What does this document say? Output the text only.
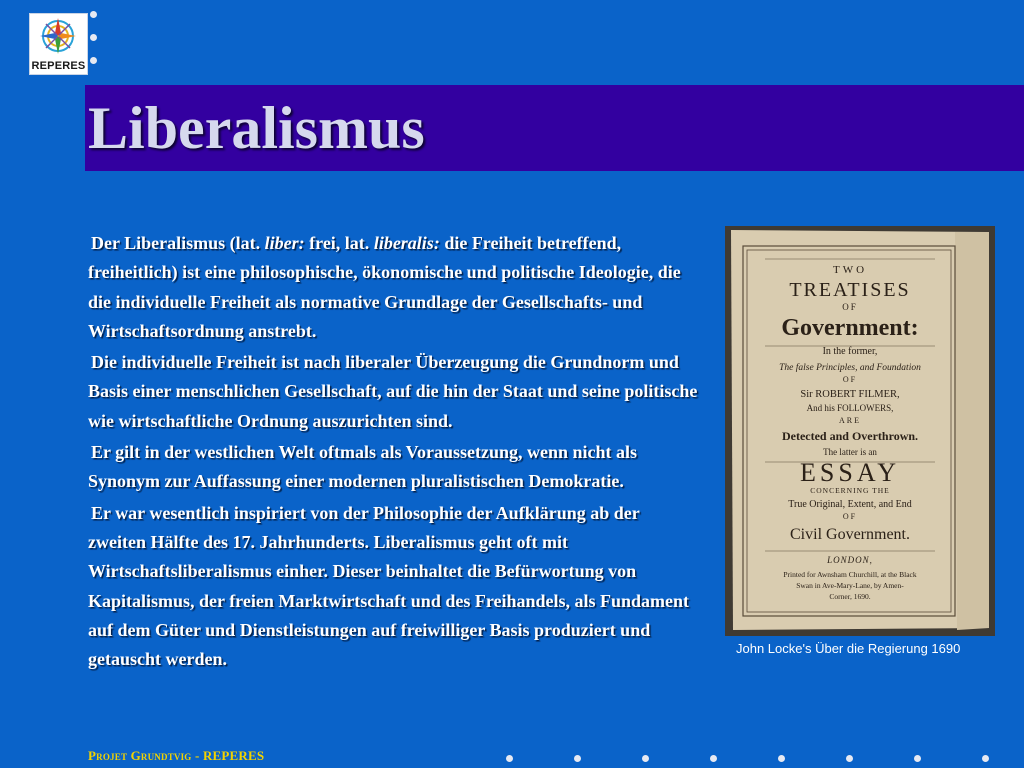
REPERES
Liberalismus

Der Liberalismus (lat. liber: frei, lat. liberalis: die Freiheit betreffend, freiheitlich) ist eine philosophische, ökonomische und politische Ideologie, die die individuelle Freiheit als normative Grundlage der Gesellschafts- und Wirtschaftsordnung anstrebt.

Die individuelle Freiheit ist nach liberaler Überzeugung die Grundnorm und Basis einer menschlichen Gesellschaft, auf die hin der Staat und seine politische wie wirtschaftliche Ordnung auszurichten sind.

Er gilt in der westlichen Welt oftmals als Voraussetzung, wenn nicht als Synonym zur Auffassung einer modernen pluralistischen Demokratie.

Er war wesentlich inspiriert von der Philosophie der Aufklärung ab der zweiten Hälfte des 17. Jahrhunderts. Liberalismus geht oft mit Wirtschaftsliberalismus einher. Dieser beinhaltet die Befürwortung von Kapitalismus, der freien Marktwirtschaft und des Freihandels, als Fundament auf dem Güter und Dienstleistungen auf freiwilliger Basis produziert und getauscht werden.

TWO
TREATISES
OF
Government:
In the former,
The false Principles, and Foundation
OF
Sir ROBERT FILMER,
And his FOLLOWERS,
ARE
Detected and Overthrown.
The latter is an
ESSAY
CONCERNING THE
True Original, Extent, and End
OF
Civil Government.
LONDON,
Printed for Awnsham Churchill, at the Black
Swan in Ave-Mary-Lane, by Amen-
Corner, 1690.

John Locke's Über die Regierung 1690

Projet Grundtvig - REPERES
